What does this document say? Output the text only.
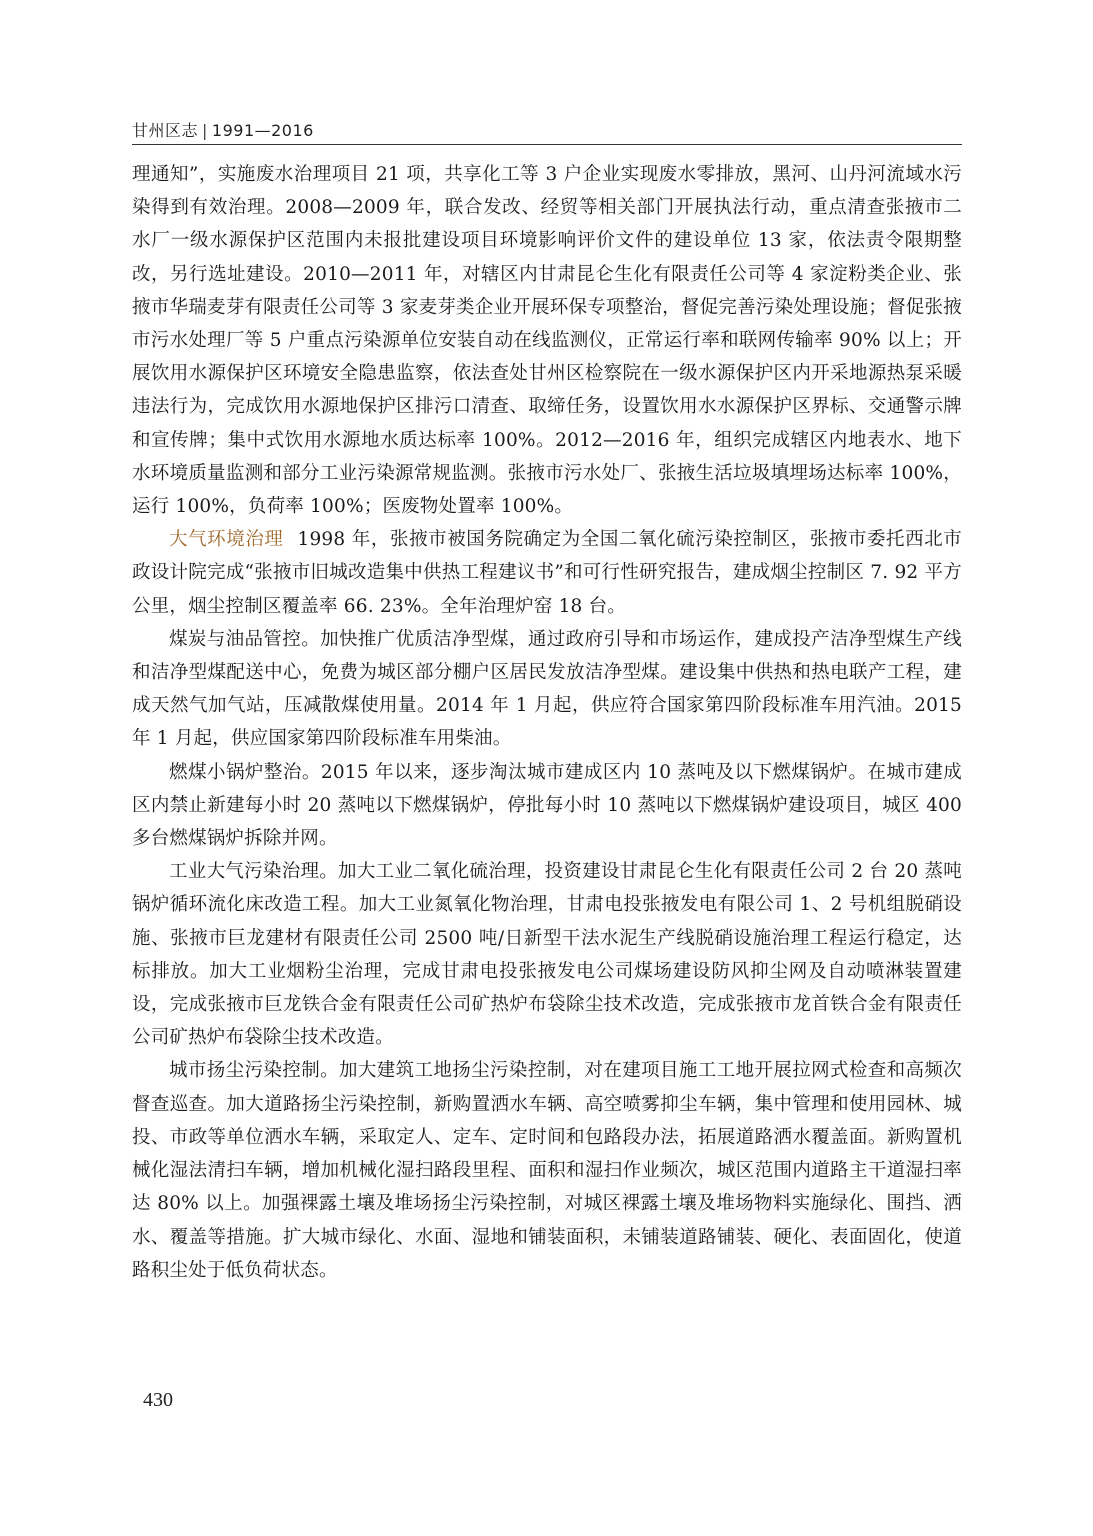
甘州区志 | 1991—2016

理通知”，实施废水治理项目 21 项，共享化工等 3 户企业实现废水零排放，黑河、山丹河流域水污染得到有效治理。2008—2009 年，联合发改、经贸等相关部门开展执法行动，重点清查张掖市二水厂一级水源保护区范围内未报批建设项目环境影响评价文件的建设单位 13 家，依法责令限期整改，另行选址建设。2010—2011 年，对辖区内甘肃昆仑生化有限责任公司等 4 家淀粉类企业、张掖市华瑞麦芽有限责任公司等 3 家麦芽类企业开展环保专项整治，督促完善污染处理设施；督促张掖市污水处理厂等 5 户重点污染源单位安装自动在线监测仪，正常运行率和联网传输率 90% 以上；开展饮用水源保护区环境安全隐患监察，依法查处甘州区检察院在一级水源保护区内开采地源热泵采暖违法行为，完成饮用水源地保护区排污口清查、取缔任务，设置饮用水水源保护区界标、交通警示牌和宣传牌；集中式饮用水源地水质达标率 100%。2012—2016 年，组织完成辖区内地表水、地下水环境质量监测和部分工业污染源常规监测。张掖市污水处厂、张掖生活垃圾填埋场达标率 100%，运行 100%，负荷率 100%；医废物处置率 100%。

大气环境治理 1998 年，张掖市被国务院确定为全国二氧化硫污染控制区，张掖市委托西北市政设计院完成“张掖市旧城改造集中供热工程建议书”和可行性研究报告，建成烟尘控制区 7. 92 平方公里，烟尘控制区覆盖率 66. 23%。全年治理炉窑 18 台。

煤炭与油品管控。加快推广优质洁净型煤，通过政府引导和市场运作，建成投产洁净型煤生产线和洁净型煤配送中心，免费为城区部分棚户区居民发放洁净型煤。建设集中供热和热电联产工程，建成天然气加气站，压减散煤使用量。2014 年 1 月起，供应符合国家第四阶段标准车用汽油。2015 年 1 月起，供应国家第四阶段标准车用柴油。

燃煤小锅炉整治。2015 年以来，逐步淘汰城市建成区内 10 蒸吨及以下燃煤锅炉。在城市建成区内禁止新建每小时 20 蒸吨以下燃煤锅炉，停批每小时 10 蒸吨以下燃煤锅炉建设项目，城区 400 多台燃煤锅炉拆除并网。

工业大气污染治理。加大工业二氧化硫治理，投资建设甘肃昆仑生化有限责任公司 2 台 20 蒸吨锅炉循环流化床改造工程。加大工业氮氧化物治理，甘肃电投张掖发电有限公司 1、2 号机组脱硝设施、张掖市巨龙建材有限责任公司 2500 吨/日新型干法水泥生产线脱硝设施治理工程运行稳定，达标排放。加大工业烟粉尘治理，完成甘肃电投张掖发电公司煤场建设防风抑尘网及自动喷淋装置建设，完成张掖市巨龙铁合金有限责任公司矿热炉布袋除尘技术改造，完成张掖市龙首铁合金有限责任公司矿热炉布袋除尘技术改造。

城市扬尘污染控制。加大建筑工地扬尘污染控制，对在建项目施工工地开展拉网式检查和高频次督查巡查。加大道路扬尘污染控制，新购置洒水车辆、高空喷雾抑尘车辆，集中管理和使用园林、城投、市政等单位洒水车辆，采取定人、定车、定时间和包路段办法，拓展道路洒水覆盖面。新购置机械化湿法清扫车辆，增加机械化湿扫路段里程、面积和湿扫作业频次，城区范围内道路主干道湿扫率达 80% 以上。加强裸露土壤及堆场扬尘污染控制，对城区裸露土壤及堆场物料实施绿化、围挡、洒水、覆盖等措施。扩大城市绿化、水面、湿地和铺装面积，未铺装道路铺装、硬化、表面固化，使道路积尘处于低负荷状态。

430
